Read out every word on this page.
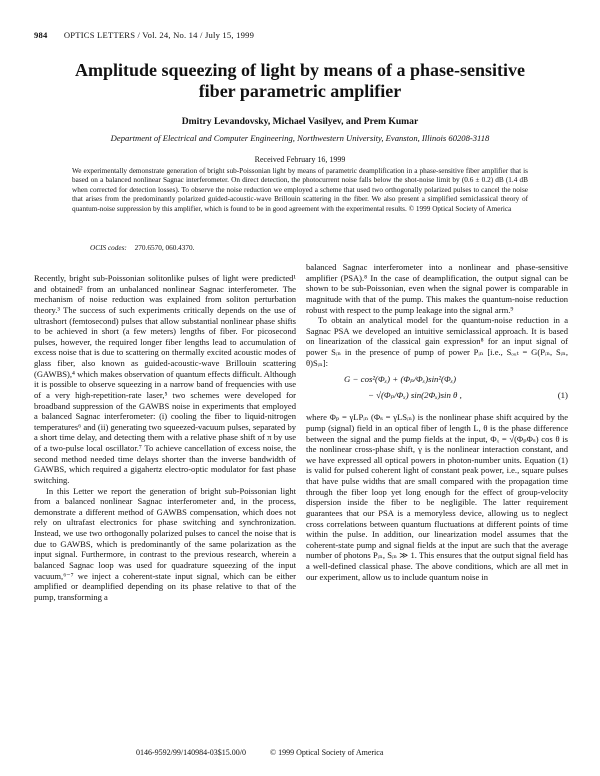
984 OPTICS LETTERS / Vol. 24, No. 14 / July 15, 1999
Amplitude squeezing of light by means of a phase-sensitive
fiber parametric amplifier
Dmitry Levandovsky, Michael Vasilyev, and Prem Kumar
Department of Electrical and Computer Engineering, Northwestern University, Evanston, Illinois 60208-3118
Received February 16, 1999
We experimentally demonstrate generation of bright sub-Poissonian light by means of parametric deamplification in a phase-sensitive fiber amplifier that is based on a balanced nonlinear Sagnac interferometer. On direct detection, the photocurrent noise falls below the shot-noise limit by (0.6 ± 0.2) dB (1.4 dB when corrected for detection losses). To observe the noise reduction we employed a scheme that used two orthogonally polarized pulses to cancel the noise that arises from the predominantly polarized guided-acoustic-wave Brillouin scattering in the fiber. We also present a simplified semiclassical theory of quantum-noise suppression by this amplifier, which is found to be in good agreement with the experimental results. © 1999 Optical Society of America
OCIS codes: 270.6570, 060.4370.

Recently, bright sub-Poissonian solitonlike pulses of light were predicted¹ and obtained² from an unbalanced nonlinear Sagnac interferometer. The mechanism of noise reduction was explained from soliton perturbation theory.³ The success of such experiments critically depends on the use of ultrashort (femtosecond) pulses that allow substantial nonlinear phase shifts to be achieved in short (a few meters) lengths of fiber. For picosecond pulses, however, the required longer fiber lengths lead to accumulation of excess noise that is due to scattering on thermally excited acoustic modes of glass fiber, also known as guided-acoustic-wave Brillouin scattering (GAWBS),⁴ which makes observation of quantum effects difficult. Although it is possible to observe squeezing in a narrow band of frequencies with use of a very high-repetition-rate laser,⁵ two schemes were developed for broadband suppression of the GAWBS noise in experiments that employed a balanced Sagnac interferometer: (i) cooling the fiber to liquid-nitrogen temperatures⁶ and (ii) generating two squeezed-vacuum pulses, separated by a short time delay, and detecting them with a relative phase shift of π by use of a two-pulse local oscillator.⁷ To achieve cancellation of excess noise, the second method needed time delays shorter than the inverse bandwidth of GAWBS, which required a gigahertz electro-optic modulator for fast phase switching.

In this Letter we report the generation of bright sub-Poissonian light from a balanced nonlinear Sagnac interferometer and, in the process, demonstrate a different method of GAWBS compensation, which does not rely on ultrafast electronics for phase switching and synchronization. Instead, we use two orthogonally polarized pulses to cancel the noise that is due to GAWBS, which is predominantly of the same polarization as the input signal. Furthermore, in contrast to the previous research, wherein a balanced Sagnac loop was used for quadrature squeezing of the input vacuum,⁶⁻⁷ we inject a coherent-state input signal, which can be either amplified or deamplified depending on its phase relative to that of the pump, transforming a

balanced Sagnac interferometer into a nonlinear and phase-sensitive amplifier (PSA).⁸ In the case of deamplification, the output signal can be shown to be sub-Poissonian, even when the signal power is comparable in magnitude with that of the pump. This makes the quantum-noise reduction robust with respect to the pump leakage into the signal arm.⁹

To obtain an analytical model for the quantum-noise reduction in a Sagnac PSA we developed an intuitive semiclassical approach. It is based on linearization of the classical gain expression⁸ for an input signal of power Sᵢₙ in the presence of pump of power Pᵢₙ [i.e., Sₒᵤₜ = G(Pᵢₙ, Sᵢₙ, θ)Sᵢₙ]:

G − cos²(Φₓ) + (Φₚ/Φₓ)sin²(Φₓ)
− √(Φₚ/Φₓ) sin(2Φₓ)sin θ ,	(1)

where Φₚ = γLPᵢₙ (Φₛ = γLSᵢₙ) is the nonlinear phase shift acquired by the pump (signal) field in an optical fiber of length L, θ is the phase difference between the signal and the pump fields at the input, Φₓ = √(ΦₚΦₛ) cos θ is the nonlinear cross-phase shift, γ is the nonlinear interaction constant, and we have expressed all optical powers in photon-number units. Equation (1) is valid for pulsed coherent light of constant peak power, i.e., square pulses that have pulse widths that are small compared with the propagation time through the fiber loop yet long enough for the effect of group-velocity dispersion inside the fiber to be negligible. The latter requirement guarantees that our PSA is a memoryless device, allowing us to neglect cross correlations between quantum fluctuations at different points of time within the pulse. In addition, our linearization model assumes that the coherent-state pump and signal fields at the input are such that the average number of photons Pᵢₙ, Sᵢₙ ≫ 1. This ensures that the output signal field has a well-defined classical phase. The above conditions, which are all met in our experiment, allow us to include quantum noise in

0146-9592/99/140984-03$15.00/0	© 1999 Optical Society of America
